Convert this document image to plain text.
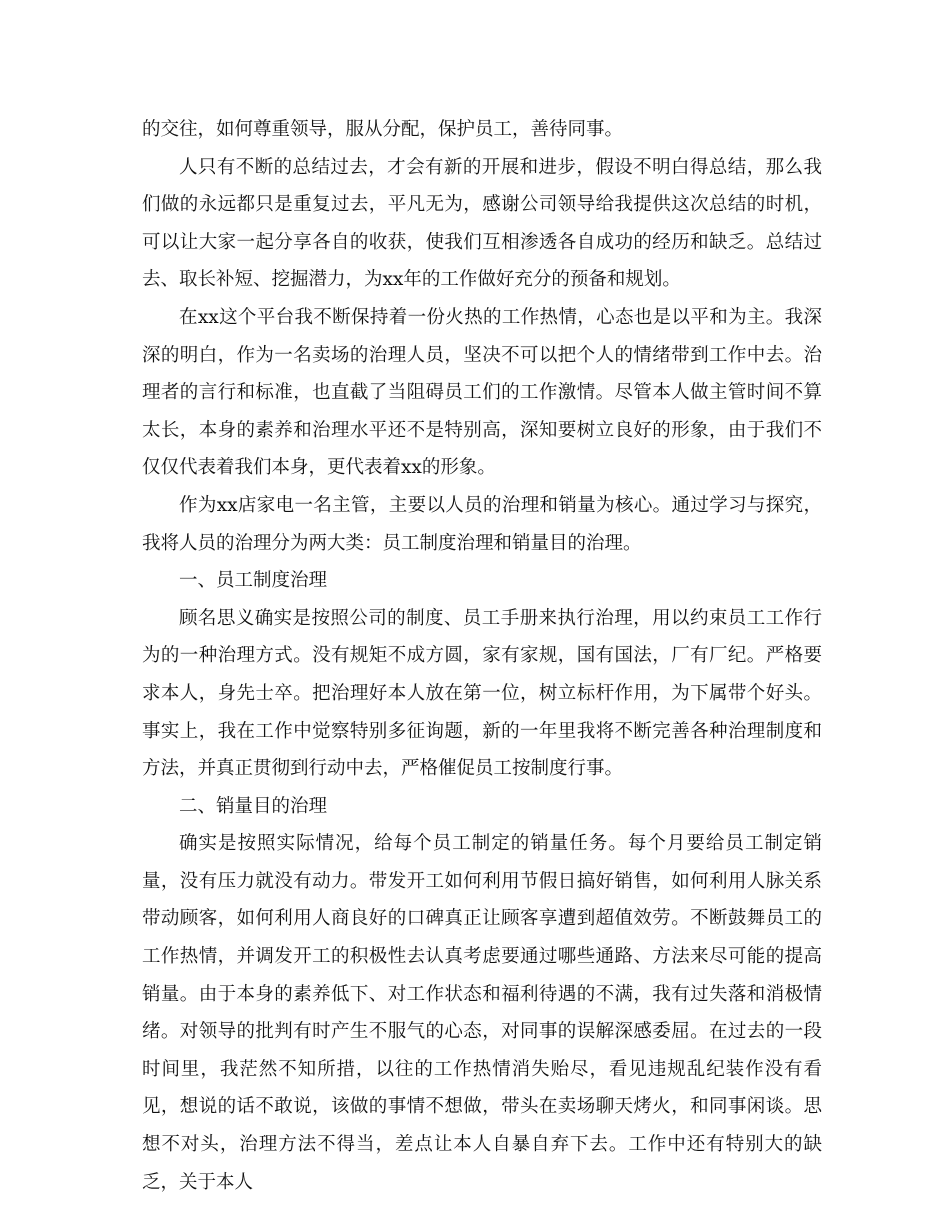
的交往，如何尊重领导，服从分配，保护员工，善待同事。

人只有不断的总结过去，才会有新的开展和进步，假设不明白得总结，那么我们做的永远都只是重复过去，平凡无为，感谢公司领导给我提供这次总结的时机，可以让大家一起分享各自的收获，使我们互相渗透各自成功的经历和缺乏。总结过去、取长补短、挖掘潜力，为xx年的工作做好充分的预备和规划。

在xx这个平台我不断保持着一份火热的工作热情，心态也是以平和为主。我深深的明白，作为一名卖场的治理人员，坚决不可以把个人的情绪带到工作中去。治理者的言行和标准，也直截了当阻碍员工们的工作激情。尽管本人做主管时间不算太长，本身的素养和治理水平还不是特别高，深知要树立良好的形象，由于我们不仅仅代表着我们本身，更代表着xx的形象。

作为xx店家电一名主管，主要以人员的治理和销量为核心。通过学习与探究，我将人员的治理分为两大类：员工制度治理和销量目的治理。

一、员工制度治理

顾名思义确实是按照公司的制度、员工手册来执行治理，用以约束员工工作行为的一种治理方式。没有规矩不成方圆，家有家规，国有国法，厂有厂纪。严格要求本人，身先士卒。把治理好本人放在第一位，树立标杆作用，为下属带个好头。事实上，我在工作中觉察特别多征询题，新的一年里我将不断完善各种治理制度和方法，并真正贯彻到行动中去，严格催促员工按制度行事。

二、销量目的治理

确实是按照实际情况，给每个员工制定的销量任务。每个月要给员工制定销量，没有压力就没有动力。带发开工如何利用节假日搞好销售，如何利用人脉关系带动顾客，如何利用人商良好的口碑真正让顾客享遭到超值效劳。不断鼓舞员工的工作热情，并调发开工的积极性去认真考虑要通过哪些通路、方法来尽可能的提高销量。由于本身的素养低下、对工作状态和福利待遇的不满，我有过失落和消极情绪。对领导的批判有时产生不服气的心态，对同事的误解深感委屈。在过去的一段时间里，我茫然不知所措，以往的工作热情消失贻尽，看见违规乱纪装作没有看见，想说的话不敢说，该做的事情不想做，带头在卖场聊天烤火，和同事闲谈。思想不对头，治理方法不得当，差点让本人自暴自弃下去。工作中还有特别大的缺乏，关于本人
